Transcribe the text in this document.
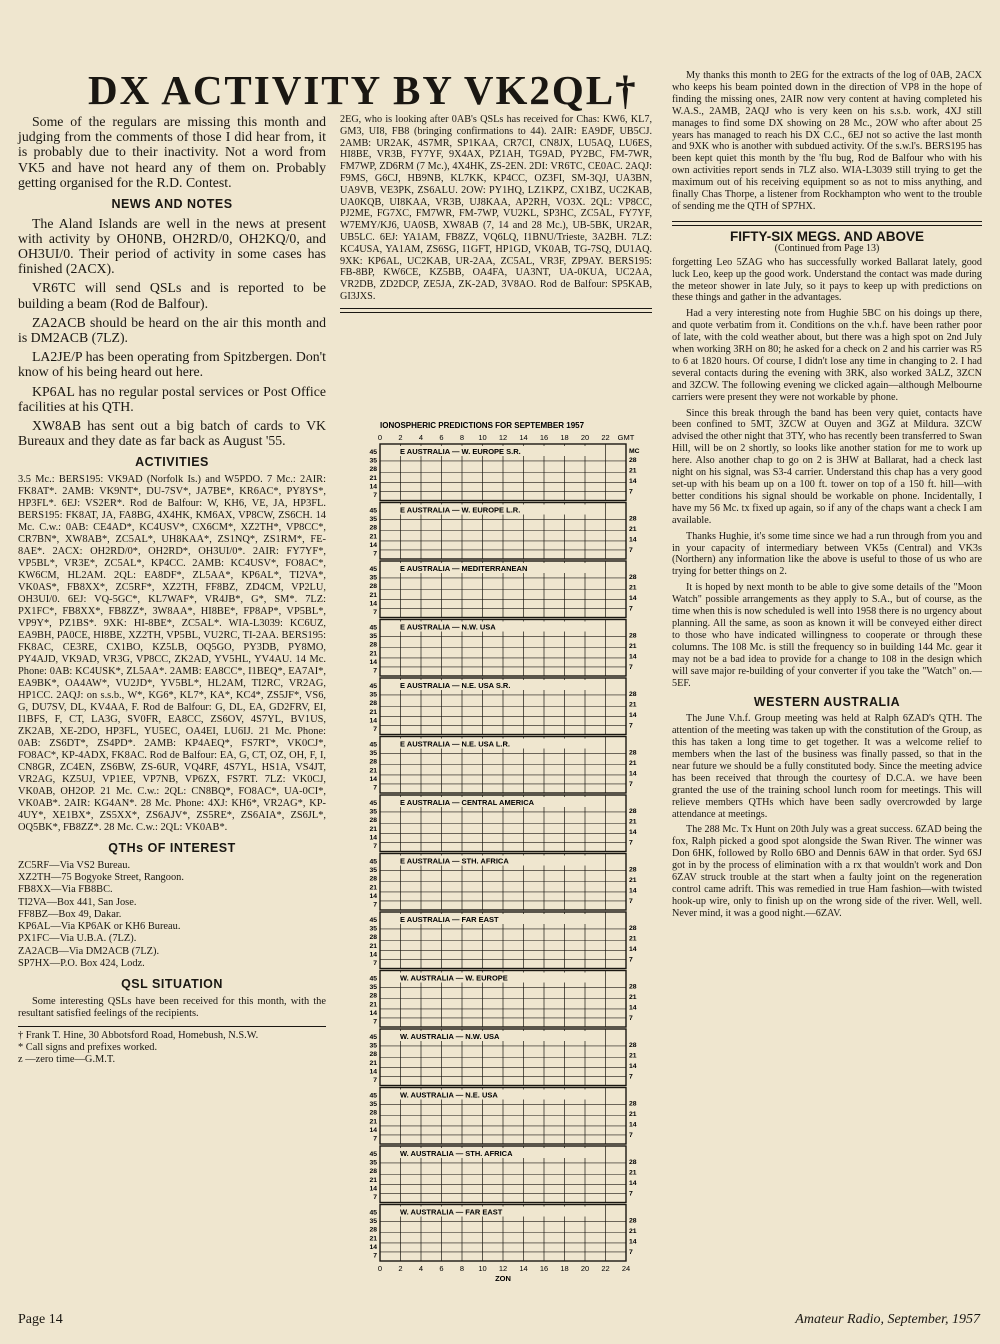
DX ACTIVITY BY VK2QL†

Some of the regulars are missing this month and judging from the comments of those I did hear from, it is probably due to their inactivity. Not a word from VK5 and have not heard any of them on. Probably getting organised for the R.D. Contest.

NEWS AND NOTES

The Aland Islands are well in the news at present with activity by OH0NB, OH2RD/0, OH2KQ/0, and OH3UI/0. Their period of activity in some cases has finished (2ACX).

VR6TC will send QSLs and is reported to be building a beam (Rod de Balfour).

ZA2ACB should be heard on the air this month and is DM2ACB (7LZ).

LA2JE/P has been operating from Spitzbergen. Don't know of his being heard out here.

KP6AL has no regular postal services or Post Office facilities at his QTH.

XW8AB has sent out a big batch of cards to VK Bureaux and they date as far back as August '55.

ACTIVITIES

3.5 Mc.: BERS195: VK9AD (Norfolk Is.) and W5PDO. 7 Mc.: 2AIR: FK8AT*. 2AMB: VK9NT*, DU-7SV*, JA7BE*, KR6AC*, PY8YS*, HP3FL*. 6EJ: VS2ER*. Rod de Balfour: W, KH6, VE, JA, HP3FL. BERS195: FK8AT, JA, FA8BG, 4X4HK, KM6AX, VP8CW, ZS6CH. 14 Mc. C.w.: 0AB: CE4AD*, KC4USV*, CX6CM*, XZ2TH*, VP8CC*, CR7BN*, XW8AB*, ZC5AL*, UH8KAA*, ZS1NQ*, ZS1RM*, FE-8AE*. 2ACX: OH2RD/0*, OH2RD*, OH3UI/0*. 2AIR: FY7YF*, VP5BL*, VR3E*, ZC5AL*, KP4CC. 2AMB: KC4USV*, FO8AC*, KW6CM, HL2AM. 2QL: EA8DF*, ZL5AA*, KP6AL*, TI2VA*, VK0AS*, FB8XX*, ZC5RF*, XZ2TH, FF8BZ, ZD4CM, VP2LU, OH3UI/0. 6EJ: VQ-5GC*, KL7WAF*, VR4JB*, G*, SM*. 7LZ: PX1FC*, FB8XX*, FB8ZZ*, 3W8AA*, HI8BE*, FP8AP*, VP5BL*, VP9Y*, PZ1BS*. 9XK: HI-8BE*, ZC5AL*. WIA-L3039: KC6UZ, EA9BH, PA0CE, HI8BE, XZ2TH, VP5BL, VU2RC, TI-2AA. BERS195: FK8AC, CE3RE, CX1BO, KZ5LB, OQ5GO, PY3DB, PY8MO, PY4AJD, VK9AD, VR3G, VP8CC, ZK2AD, YV5HL, YV4AU. 14 Mc. Phone: 0AB: KC4USK*, ZL5AA*. 2AMB: EA8CC*, I1BEQ*, EA7AI*, EA9BK*, OA4AW*, VU2JD*, YV5BL*, HL2AM, TI2RC, VR2AG, HP1CC. 2AQJ: on s.s.b., W*, KG6*, KL7*, KA*, KC4*, ZS5JF*, VS6, G, DU7SV, DL, KV4AA, F. Rod de Balfour: G, DL, EA, GD2FRV, EI, I1BFS, F, CT, LA3G, SV0FR, EA8CC, ZS6OV, 4S7YL, BV1US, ZK2AB, XE-2DO, HP3FL, YU5EC, OA4EI, LU6IJ. 21 Mc. Phone: 0AB: ZS6DT*, ZS4PD*. 2AMB: KP4AEQ*, FS7RT*, VK0CJ*, FO8AC*, KP-4ADX, FK8AC. Rod de Balfour: EA, G, CT, OZ, OH, F, I, CN8GR, ZC4EN, ZS6BW, ZS-6UR, VQ4RF, 4S7YL, HS1A, VS4JT, VR2AG, KZ5UJ, VP1EE, VP7NB, VP6ZX, FS7RT. 7LZ: VK0CJ, VK0AB, OH2OP. 21 Mc. C.w.: 2QL: CN8BQ*, FO8AC*, UA-0CI*, VK0AB*. 2AIR: KG4AN*. 28 Mc. Phone: 4XJ: KH6*, VR2AG*, KP-4UY*, XE1BX*, ZS5XX*, ZS6AJV*, ZS5RE*, ZS6AIA*, ZS6JL*, OQ5BK*, FB8ZZ*. 28 Mc. C.w.: 2QL: VK0AB*.

QTHs OF INTEREST

ZC5RF—Via VS2 Bureau.

XZ2TH—75 Bogyoke Street, Rangoon.

FB8XX—Via FB8BC.

TI2VA—Box 441, San Jose.

FF8BZ—Box 49, Dakar.

KP6AL—Via KP6AK or KH6 Bureau.

PX1FC—Via U.B.A. (7LZ).

ZA2ACB—Via DM2ACB (7LZ).

SP7HX—P.O. Box 424, Lodz.

QSL SITUATION

Some interesting QSLs have been received for this month, with the resultant satisfied feelings of the recipients.

† Frank T. Hine, 30 Abbotsford Road, Homebush, N.S.W.
* Call signs and prefixes worked.
z —zero time—G.M.T.

2EG, who is looking after 0AB's QSLs has received for Chas: KW6, KL7, GM3, UI8, FB8 (bringing confirmations to 44). 2AIR: EA9DF, UB5CJ. 2AMB: UR2AK, 4S7MR, SP1KAA, CR7CI, CN8JX, LU5AQ, LU6ES, HI8BE, VR3B, FY7YF, 9X4AX, PZ1AH, TG9AD, PY2BC, FM-7WR, FM7WP, ZD6RM (7 Mc.), 4X4HK, ZS-2EN. 2DI: VR6TC, CE0AC. 2AQJ: F9MS, G6CJ, HB9NB, KL7KK, KP4CC, OZ3FI, SM-3QJ, UA3BN, UA9VB, VE3PK, ZS6ALU. 2OW: PY1HQ, LZ1KPZ, CX1BZ, UC2KAB, UA0KQB, UI8KAA, VR3B, UJ8KAA, AP2RH, VO3X. 2QL: VP8CC, PJ2ME, FG7XC, FM7WR, FM-7WP, VU2KL, SP3HC, ZC5AL, FY7YF, W7EMY/KJ6, UA0SB, XW8AB (7, 14 and 28 Mc.), UB-5BK, UR2AR, UB5LC. 6EJ: YA1AM, FB8ZZ, VQ6LQ, I1BNU/Trieste, 3A2BH. 7LZ: KC4USA, YA1AM, ZS6SG, I1GFT, HP1GD, VK0AB, TG-7SQ, DU1AQ. 9XK: KP6AL, UC2KAB, UR-2AA, ZC5AL, VR3F, ZP9AY. BERS195: FB-8BP, KW6CE, KZ5BB, OA4FA, UA3NT, UA-0KUA, UC2AA, VR2DB, ZD2DCP, ZE5JA, ZK-2AD, 3V8AO. Rod de Balfour: SP5KAB, GI3JXS.

IONOSPHERIC PREDICTIONS FOR SEPTEMBER 1957
0 2 4 6 8 10 12 14 16 18 20 22 GMT
E AUSTRALIA — W. EUROPE S.R.
45
35
28
21
14
7
28
21
14
7
E AUSTRALIA — W. EUROPE L.R.
45
35
28
21
14
7
28
21
14
7
E AUSTRALIA — MEDITERRANEAN
45
35
28
21
14
7
28
21
14
7
E AUSTRALIA — N.W. USA
45
35
28
21
14
7
28
21
14
7
E AUSTRALIA — N.E. USA S.R.
45
35
28
21
14
7
28
21
14
7
E AUSTRALIA — N.E. USA L.R.
45
35
28
21
14
7
28
21
14
7
E AUSTRALIA — CENTRAL AMERICA
45
35
28
21
14
7
28
21
14
7
E AUSTRALIA — STH. AFRICA
45
35
28
21
14
7
28
21
14
7
E AUSTRALIA — FAR EAST
45
35
28
21
14
7
28
21
14
7
W. AUSTRALIA — W. EUROPE
45
35
28
21
14
7
28
21
14
7
W. AUSTRALIA — N.W. USA
45
35
28
21
14
7
28
21
14
7
W. AUSTRALIA — N.E. USA
45
35
28
21
14
7
28
21
14
7
W. AUSTRALIA — STH. AFRICA
45
35
28
21
14
7
28
21
14
7
W. AUSTRALIA — FAR EAST
45
35
28
21
14
7
28
21
14
7
MC
0 2 4 6 8 10 12 14 16 18 20 22 24
ZON

My thanks this month to 2EG for the extracts of the log of 0AB, 2ACX who keeps his beam pointed down in the direction of VP8 in the hope of finding the missing ones, 2AIR now very content at having completed his W.A.S., 2AMB, 2AQJ who is very keen on his s.s.b. work, 4XJ still manages to find some DX showing on 28 Mc., 2OW who after about 25 years has managed to reach his DX C.C., 6EJ not so active the last month and 9XK who is another with subdued activity. Of the s.w.l's. BERS195 has been kept quiet this month by the 'flu bug, Rod de Balfour who with his own activities report sends in 7LZ also. WIA-L3039 still trying to get the maximum out of his receiving equipment so as not to miss anything, and finally Chas Thorpe, a listener from Rockhampton who went to the trouble of sending me the QTH of SP7HX.

FIFTY-SIX MEGS. AND ABOVE
(Continued from Page 13)

forgetting Leo 5ZAG who has successfully worked Ballarat lately, good luck Leo, keep up the good work. Understand the contact was made during the meteor shower in late July, so it pays to keep up with predictions on these things and gather in the advantages.

Had a very interesting note from Hughie 5BC on his doings up there, and quote verbatim from it. Conditions on the v.h.f. have been rather poor of late, with the cold weather about, but there was a high spot on 2nd July when working 3RH on 80; he asked for a check on 2 and his carrier was R5 to 6 at 1820 hours. Of course, I didn't lose any time in changing to 2. I had several contacts during the evening with 3RK, also worked 3ALZ, 3ZCN and 3ZCW. The following evening we clicked again—although Melbourne carriers were present they were not workable by phone.

Since this break through the band has been very quiet, contacts have been confined to 5MT, 3ZCW at Ouyen and 3GZ at Mildura. 3ZCW advised the other night that 3TY, who has recently been transferred to Swan Hill, will be on 2 shortly, so looks like another station for me to work up here. Also another chap to go on 2 is 3HW at Ballarat, had a check last night on his signal, was S3-4 carrier. Understand this chap has a very good set-up with his beam up on a 100 ft. tower on top of a 150 ft. hill—with better conditions his signal should be workable on phone. Incidentally, I have my 56 Mc. tx fixed up again, so if any of the chaps want a check I am available.

Thanks Hughie, it's some time since we had a run through from you and in your capacity of intermediary between VK5s (Central) and VK3s (Northern) any information like the above is useful to those of us who are trying for better things on 2.

It is hoped by next month to be able to give some details of the "Moon Watch" possible arrangements as they apply to S.A., but of course, as the time when this is now scheduled is well into 1958 there is no urgency about planning. All the same, as soon as known it will be conveyed either direct to those who have indicated willingness to cooperate or through these columns. The 108 Mc. is still the frequency so in building 144 Mc. gear it may not be a bad idea to provide for a change to 108 in the design which will save major re-building of your converter if you take the "Watch" on.—5EF.

WESTERN AUSTRALIA

The June V.h.f. Group meeting was held at Ralph 6ZAD's QTH. The attention of the meeting was taken up with the constitution of the Group, as this has taken a long time to get together. It was a welcome relief to members when the last of the business was finally passed, so that in the near future we should be a fully constituted body. Since the meeting advice has been received that through the courtesy of D.C.A. we have been granted the use of the training school lunch room for meetings. This will relieve members QTHs which have been sadly overcrowded by large attendance at meetings.

The 288 Mc. Tx Hunt on 20th July was a great success. 6ZAD being the fox, Ralph picked a good spot alongside the Swan River. The winner was Don 6HK, followed by Rollo 6BO and Dennis 6AW in that order. Syd 6SJ got in by the process of elimination with a rx that wouldn't work and Don 6ZAV struck trouble at the start when a faulty joint on the regeneration control came adrift. This was remedied in true Ham fashion—with twisted hook-up wire, only to finish up on the wrong side of the river. Well, well. Never mind, it was a good night.—6ZAV.

Page 14	Amateur Radio, September, 1957
